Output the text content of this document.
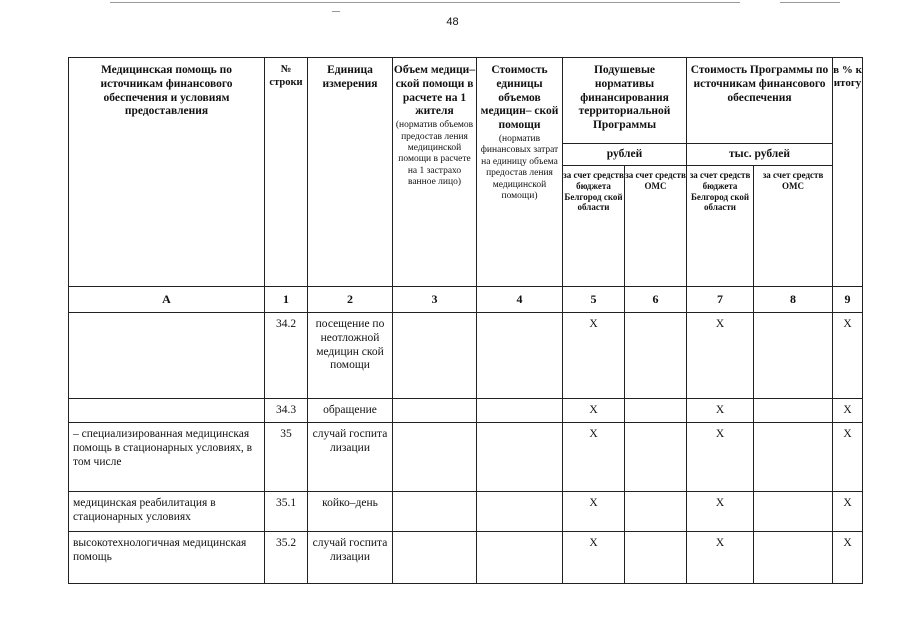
48
Медицинская помощь по источникам финансового обеспечения и условиям предоставления	№ строки	Единица измерения	Объем медици– ской помощи в расчете на 1 жителя
(норматив объемов предостав ления медицинской помощи в расчете на 1 застрахо ванное лицо)	Стоимость единицы объемов медицин– ской помощи
(норматив финансовых затрат на единицу объема предостав ления медицинской помощи)	Подушевые нормативы финансирования территориальной Программы		Стоимость Программы по источникам финансового обеспечения		в % к итогу
					рублей		тыс. рублей		
					за счет средств бюджета Белгород ской области	за счет средств ОМС	за счет средств бюджета Белгород ской области	за счет средств ОМС	
А	1	2	3	4	5	6	7	8	9
	34.2	посещение по неотложной медицин ской помощи			Х		Х		Х
	34.3	обращение			Х		Х		Х
– специализированная медицинская помощь в стационарных условиях, в том числе	35	случай госпита лизации			Х		Х		Х
медицинская реабилитация в стационарных условиях	35.1	койко–день			Х		Х		Х
высокотехнологичная медицинская помощь	35.2	случай госпита лизации			Х		Х		Х
